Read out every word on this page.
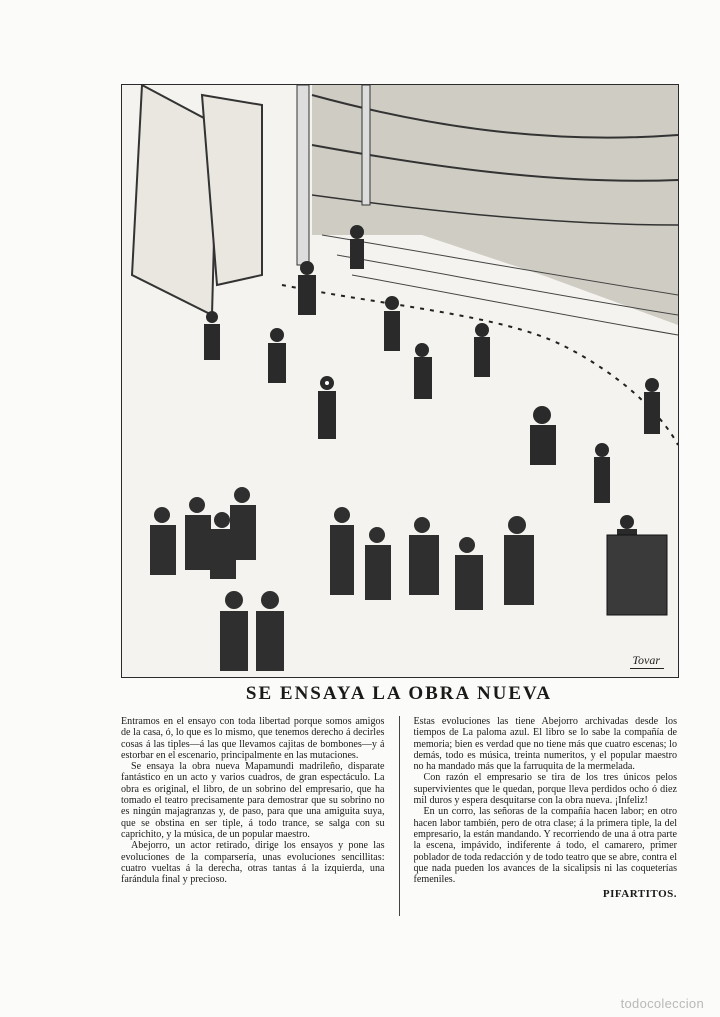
Tovar
SE ENSAYA LA OBRA NUEVA

Entramos en el ensayo con toda libertad porque somos amigos de la casa, ó, lo que es lo mismo, que tenemos derecho á decirles cosas á las tiples—á las que llevamos cajitas de bombones—y á estorbar en el escenario, principalmente en las mutaciones.

Se ensaya la obra nueva Mapamundi madrileño, disparate fantástico en un acto y varios cuadros, de gran espectáculo. La obra es original, el libro, de un sobrino del empresario, que ha tomado el teatro precisamente para demostrar que su sobrino no es ningún majagranzas y, de paso, para que una amiguita suya, que se obstina en ser tiple, á todo trance, se salga con su caprichito, y la música, de un popular maestro.

Abejorro, un actor retirado, dirige los ensayos y pone las evoluciones de la comparsería, unas evoluciones sencillitas: cuatro vueltas á la derecha, otras tantas á la izquierda, una farándula final y precioso.

Estas evoluciones las tiene Abejorro archivadas desde los tiempos de La paloma azul. El libro se lo sabe la compañía de memoria; bien es verdad que no tiene más que cuatro escenas; lo demás, todo es música, treinta numeritos, y el popular maestro no ha mandado más que la farruquita de la mermelada.

Con razón el empresario se tira de los tres únicos pelos supervivientes que le quedan, porque lleva perdidos ocho ó diez mil duros y espera desquitarse con la obra nueva. ¡Infeliz!

En un corro, las señoras de la compañía hacen labor; en otro hacen labor también, pero de otra clase; á la primera tiple, la del empresario, la están mandando. Y recorriendo de una á otra parte la escena, impávido, indiferente á todo, el camarero, primer poblador de toda redacción y de todo teatro que se abre, contra el que nada pueden los avances de la sicalipsis ni las coqueterías femeniles.

PIFARTITOS.

todocoleccion
